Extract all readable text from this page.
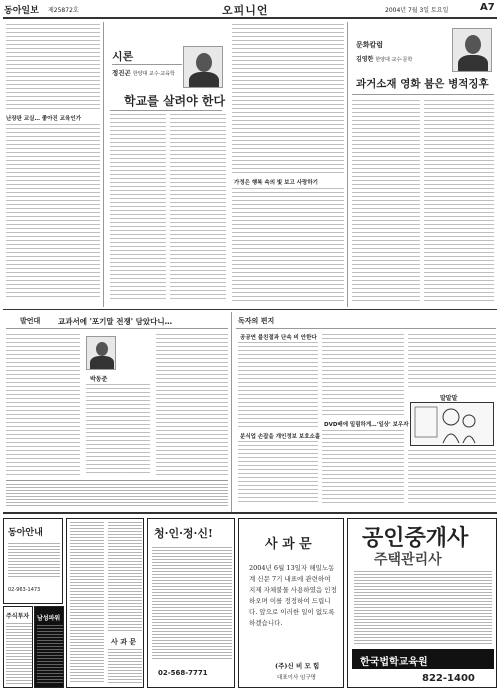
동아일보 제25872호	오피니언	2004년 7월 3일 토요일	A7
난장판 교실… 좋아진 교육인가
시론
정진곤 한양대 교수·교육학
학교를 살려야 한다
가정은 행복 속의 빛 보고 사랑하기
문화칼럼
김영한 한양대 교수·문학
과거소재 영화 붐은 병적징후
발언대 교과서에 '포기말 전쟁' 담았다니…
박동준
독자의 편지
공공연 불친절과 단속 비 안한다
분식업 손잡을 개인정보 보호소홀
DVD배에 밀림하게…'일상' 보우자
말말말
동아안내
02-963-1473
주식투자 남성파워
사 과 문
청·인·정·신!
02-568-7771
사 과 문
2004년 6월 13일자 해밀노동계 신문 7기 내표에 관련하여 지제 자체불물 사용하였음 인정하오며 이를 정정하여 드립니다. 앞으로 이러한 일이 없도록 하겠습니다.
(주)신 비 모 힘
대표이사 임구명
공인중개사
주택관리사
한국법학교육원
822-1400
